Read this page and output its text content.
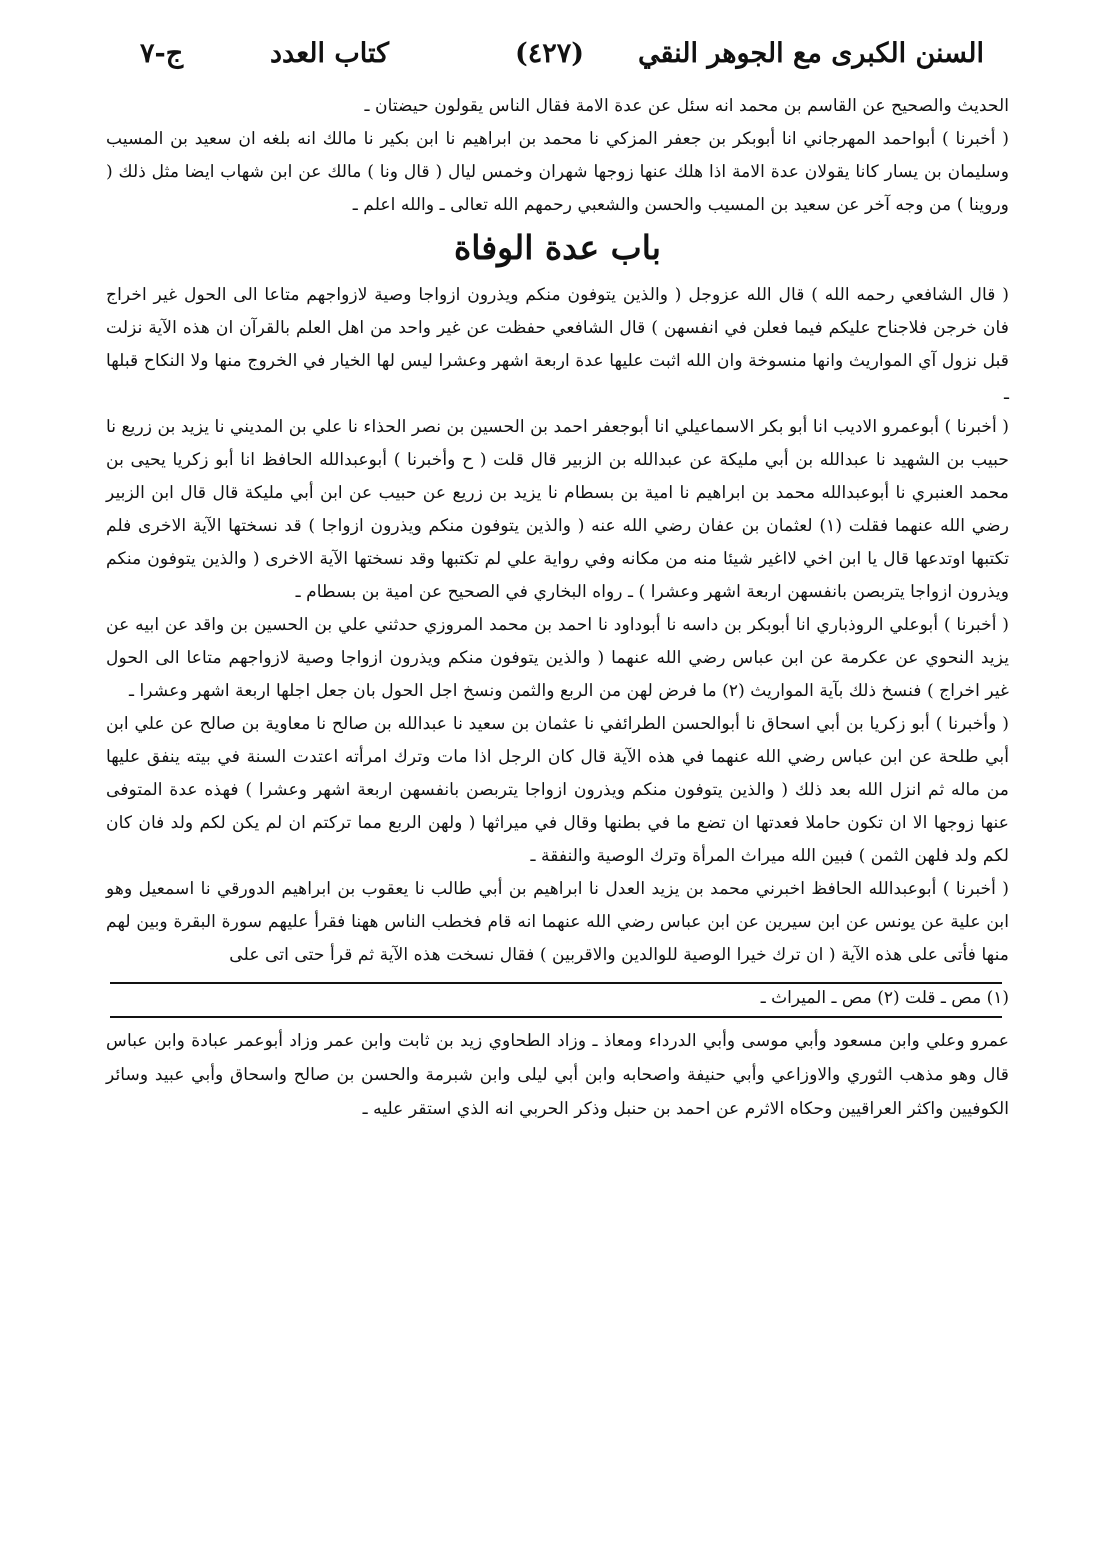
السنن الكبرى مع الجوهر النقي
(٤٢٧)
كتاب العدد
ج-٧

الحديث والصحيح عن القاسم بن محمد انه سئل عن عدة الامة فقال الناس يقولون حيضتان ـ

( أخبرنا ) أبواحمد المهرجاني انا أبوبكر بن جعفر المزكي نا محمد بن ابراهيم نا ابن بكير نا مالك انه بلغه ان سعيد بن المسيب وسليمان بن يسار كانا يقولان عدة الامة اذا هلك عنها زوجها شهران وخمس ليال ( قال ونا ) مالك عن ابن شهاب ايضا مثل ذلك ( وروينا ) من وجه آخر عن سعيد بن المسيب والحسن والشعبي رحمهم الله تعالى ـ والله اعلم ـ

باب عدة الوفاة

( قال الشافعي رحمه الله ) قال الله عزوجل ( والذين يتوفون منكم ويذرون ازواجا وصية لازواجهم متاعا الى الحول غير اخراج فان خرجن فلاجناح عليكم فيما فعلن في انفسهن ) قال الشافعي حفظت عن غير واحد من اهل العلم بالقرآن ان هذه الآية نزلت قبل نزول آي المواريث وانها منسوخة وان الله اثبت عليها عدة اربعة اشهر وعشرا ليس لها الخيار في الخروج منها ولا النكاح قبلها ـ

( أخبرنا ) أبوعمرو الاديب انا أبو بكر الاسماعيلي انا أبوجعفر احمد بن الحسين بن نصر الحذاء نا علي بن المديني نا يزيد بن زريع نا حبيب بن الشهيد نا عبدالله بن أبي مليكة عن عبدالله بن الزبير قال قلت ( ح وأخبرنا ) أبوعبدالله الحافظ انا أبو زكريا يحيى بن محمد العنبري نا أبوعبدالله محمد بن ابراهيم نا امية بن بسطام نا يزيد بن زريع عن حبيب عن ابن أبي مليكة قال قال ابن الزبير رضي الله عنهما فقلت (١) لعثمان بن عفان رضي الله عنه ( والذين يتوفون منكم ويذرون ازواجا ) قد نسختها الآية الاخرى فلم تكتبها اوتدعها قال يا ابن اخي لااغير شيئا منه من مكانه وفي رواية علي لم تكتبها وقد نسختها الآية الاخرى ( والذين يتوفون منكم ويذرون ازواجا يتربصن بانفسهن اربعة اشهر وعشرا ) ـ رواه البخاري في الصحيح عن امية بن بسطام ـ

( أخبرنا ) أبوعلي الروذباري انا أبوبكر بن داسه نا أبوداود نا احمد بن محمد المروزي حدثني علي بن الحسين بن واقد عن ابيه عن يزيد النحوي عن عكرمة عن ابن عباس رضي الله عنهما ( والذين يتوفون منكم ويذرون ازواجا وصية لازواجهم متاعا الى الحول غير اخراج ) فنسخ ذلك بآية المواريث (٢) ما فرض لهن من الربع والثمن ونسخ اجل الحول بان جعل اجلها اربعة اشهر وعشرا ـ

( وأخبرنا ) أبو زكريا بن أبي اسحاق نا أبوالحسن الطرائفي نا عثمان بن سعيد نا عبدالله بن صالح نا معاوية بن صالح عن علي ابن أبي طلحة عن ابن عباس رضي الله عنهما في هذه الآية قال كان الرجل اذا مات وترك امرأته اعتدت السنة في بيته ينفق عليها من ماله ثم انزل الله بعد ذلك ( والذين يتوفون منكم ويذرون ازواجا يتربصن بانفسهن اربعة اشهر وعشرا ) فهذه عدة المتوفى عنها زوجها الا ان تكون حاملا فعدتها ان تضع ما في بطنها وقال في ميراثها ( ولهن الربع مما تركتم ان لم يكن لكم ولد فان كان لكم ولد فلهن الثمن ) فبين الله ميراث المرأة وترك الوصية والنفقة ـ

( أخبرنا ) أبوعبدالله الحافظ اخبرني محمد بن يزيد العدل نا ابراهيم بن أبي طالب نا يعقوب بن ابراهيم الدورقي نا اسمعيل وهو ابن علية عن يونس عن ابن سيرين عن ابن عباس رضي الله عنهما انه قام فخطب الناس ههنا فقرأ عليهم سورة البقرة وبين لهم منها فأتى على هذه الآية ( ان ترك خيرا الوصية للوالدين والاقربين ) فقال نسخت هذه الآية ثم قرأ حتى اتى على

(١) مص ـ قلت (٢) مص ـ الميراث ـ

عمرو وعلي وابن مسعود وأبي موسى وأبي الدرداء ومعاذ ـ وزاد الطحاوي زيد بن ثابت وابن عمر وزاد أبوعمر عبادة وابن عباس قال وهو مذهب الثوري والاوزاعي وأبي حنيفة واصحابه وابن أبي ليلى وابن شبرمة والحسن بن صالح واسحاق وأبي عبيد وسائر الكوفيين واكثر العراقيين وحكاه الاثرم عن احمد بن حنبل وذكر الحربي انه الذي استقر عليه ـ
